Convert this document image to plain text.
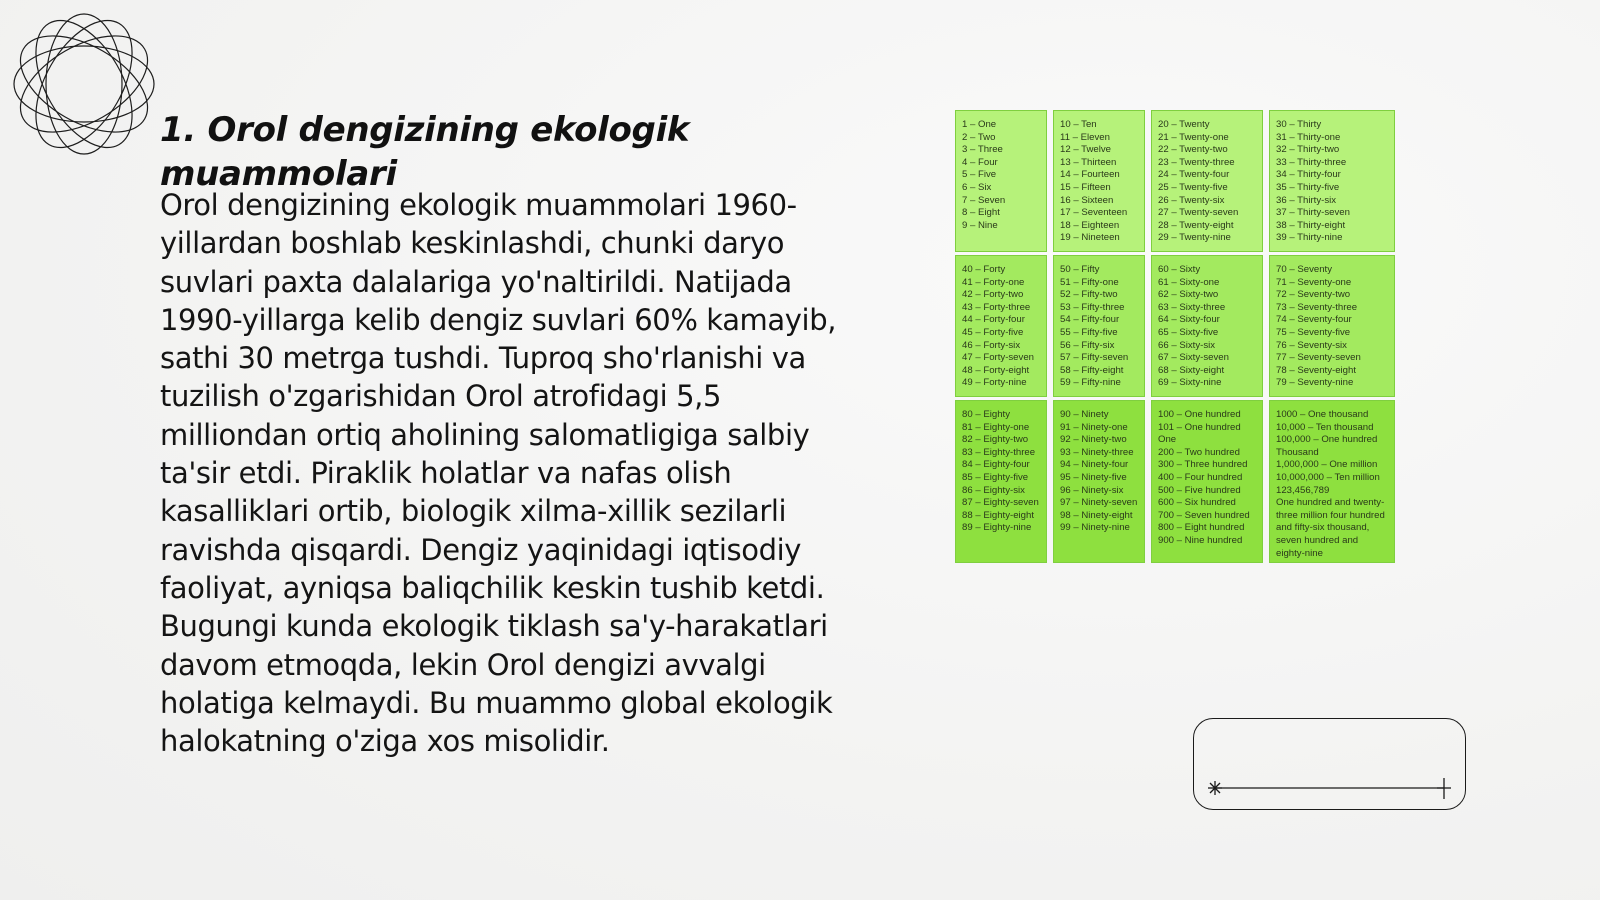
1. Orol dengizining ekologik muammolari
Orol dengizining ekologik muammolari 1960-yillardan boshlab keskinlashdi, chunki daryo suvlari paxta dalalariga yo'naltirildi. Natijada 1990-yillarga kelib dengiz suvlari 60% kamayib, sathi 30 metrga tushdi. Tuproq sho'rlanishi va tuzilish o'zgarishidan Orol atrofidagi 5,5 milliondan ortiq aholining salomatligiga salbiy ta'sir etdi. Piraklik holatlar va nafas olish kasalliklari ortib, biologik xilma-xillik sezilarli ravishda qisqardi. Dengiz yaqinidagi iqtisodiy faoliyat, ayniqsa baliqchilik keskin tushib ketdi. Bugungi kunda ekologik tiklash sa'y-harakatlari davom etmoqda, lekin Orol dengizi avvalgi holatiga kelmaydi. Bu muammo global ekologik halokatning o'ziga xos misolidir.
1 – One
2 – Two
3 – Three
4 – Four
5 – Five
6 – Six
7 – Seven
8 – Eight
9 – Nine
10 – Ten
11 – Eleven
12 – Twelve
13 – Thirteen
14 – Fourteen
15 – Fifteen
16 – Sixteen
17 – Seventeen
18 – Eighteen
19 – Nineteen
20 – Twenty
21 – Twenty-one
22 – Twenty-two
23 – Twenty-three
24 – Twenty-four
25 – Twenty-five
26 – Twenty-six
27 – Twenty-seven
28 – Twenty-eight
29 – Twenty-nine
30 – Thirty
31 – Thirty-one
32 – Thirty-two
33 – Thirty-three
34 – Thirty-four
35 – Thirty-five
36 – Thirty-six
37 – Thirty-seven
38 – Thirty-eight
39 – Thirty-nine
40 – Forty
41 – Forty-one
42 – Forty-two
43 – Forty-three
44 – Forty-four
45 – Forty-five
46 – Forty-six
47 – Forty-seven
48 – Forty-eight
49 – Forty-nine
50 – Fifty
51 – Fifty-one
52 – Fifty-two
53 – Fifty-three
54 – Fifty-four
55 – Fifty-five
56 – Fifty-six
57 – Fifty-seven
58 – Fifty-eight
59 – Fifty-nine
60 – Sixty
61 – Sixty-one
62 – Sixty-two
63 – Sixty-three
64 – Sixty-four
65 – Sixty-five
66 – Sixty-six
67 – Sixty-seven
68 – Sixty-eight
69 – Sixty-nine
70 – Seventy
71 – Seventy-one
72 – Seventy-two
73 – Seventy-three
74 – Seventy-four
75 – Seventy-five
76 – Seventy-six
77 – Seventy-seven
78 – Seventy-eight
79 – Seventy-nine
80 – Eighty
81 – Eighty-one
82 – Eighty-two
83 – Eighty-three
84 – Eighty-four
85 – Eighty-five
86 – Eighty-six
87 – Eighty-seven
88 – Eighty-eight
89 – Eighty-nine
90 – Ninety
91 – Ninety-one
92 – Ninety-two
93 – Ninety-three
94 – Ninety-four
95 – Ninety-five
96 – Ninety-six
97 – Ninety-seven
98 – Ninety-eight
99 – Ninety-nine
100 – One hundred
101 – One hundred One
200 – Two hundred
300 – Three hundred
400 – Four hundred
500 – Five hundred
600 – Six hundred
700 – Seven hundred
800 – Eight hundred
900 – Nine hundred
1000 – One thousand
10,000 – Ten thousand
100,000 – One hundred Thousand
1,000,000 – One million
10,000,000 – Ten million
123,456,789
One hundred and twenty-three million four hundred and fifty-six thousand, seven hundred and eighty-nine
